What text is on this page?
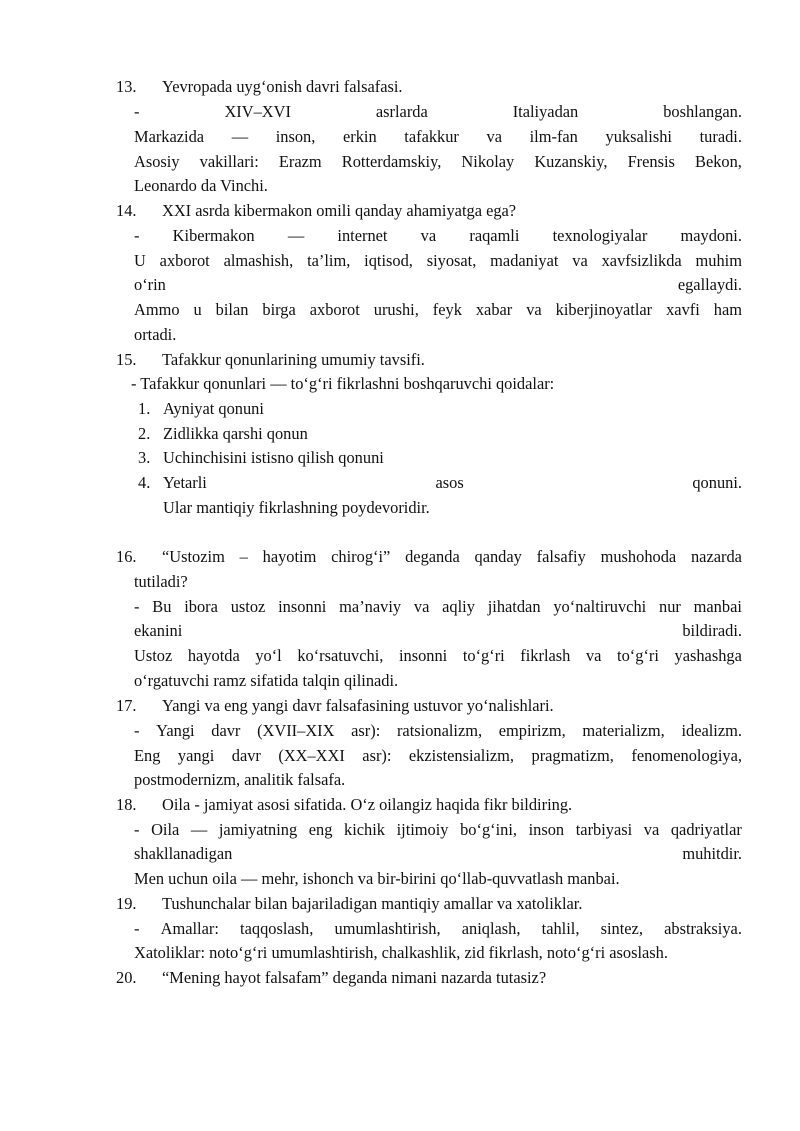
13. Yevropada uyg‘onish davri falsafasi.
-	XIV–XVI	asrlarda	Italiyadan	boshlangan.
Markazida — inson, erkin tafakkur va ilm-fan yuksalishi turadi.
Asosiy vakillari: Erazm Rotterdamskiy, Nikolay Kuzanskiy, Frensis Bekon,
Leonardo da Vinchi.
14. XXI asrda kibermakon omili qanday ahamiyatga ega?
- Kibermakon — internet va raqamli texnologiyalar maydoni.
U axborot almashish, ta’lim, iqtisod, siyosat, madaniyat va xavfsizlikda muhim
o‘rin	egallaydi.
Ammo u bilan birga axborot urushi, feyk xabar va kiberjinoyatlar xavfi ham
ortadi.
15. Tafakkur qonunlarining umumiy tavsifi.
- Tafakkur qonunlari — to‘g‘ri fikrlashni boshqaruvchi qoidalar:
1. Ayniyat qonuni
2. Zidlikka qarshi qonun
3. Uchinchisini istisno qilish qonuni
4. Yetarli	asos	qonuni.
Ular mantiqiy fikrlashning poydevoridir.
16. “Ustozim – hayotim chirog‘i” deganda qanday falsafiy mushohoda nazarda
tutiladi?
- Bu ibora ustoz insonni ma’naviy va aqliy jihatdan yo‘naltiruvchi nur manbai
ekanini	bildiradi.
Ustoz hayotda yo‘l ko‘rsatuvchi, insonni to‘g‘ri fikrlash va to‘g‘ri yashashga
o‘rgatuvchi ramz sifatida talqin qilinadi.
17. Yangi va eng yangi davr falsafasining ustuvor yo‘nalishlari.
- Yangi davr (XVII–XIX asr): ratsionalizm, empirizm, materializm, idealizm.
Eng yangi davr (XX–XXI asr): ekzistensializm, pragmatizm, fenomenologiya,
postmodernizm, analitik falsafa.
18. Oila - jamiyat asosi sifatida. O‘z oilangiz haqida fikr bildiring.
- Oila — jamiyatning eng kichik ijtimoiy bo‘g‘ini, inson tarbiyasi va qadriyatlar
shakllanadigan	muhitdir.
Men uchun oila — mehr, ishonch va bir-birini qo‘llab-quvvatlash manbai.
19. Tushunchalar bilan bajariladigan mantiqiy amallar va xatoliklar.
- Amallar: taqqoslash, umumlashtirish, aniqlash, tahlil, sintez, abstraksiya.
Xatoliklar: noto‘g‘ri umumlashtirish, chalkashlik, zid fikrlash, noto‘g‘ri asoslash.
20. “Mening hayot falsafam” deganda nimani nazarda tutasiz?
